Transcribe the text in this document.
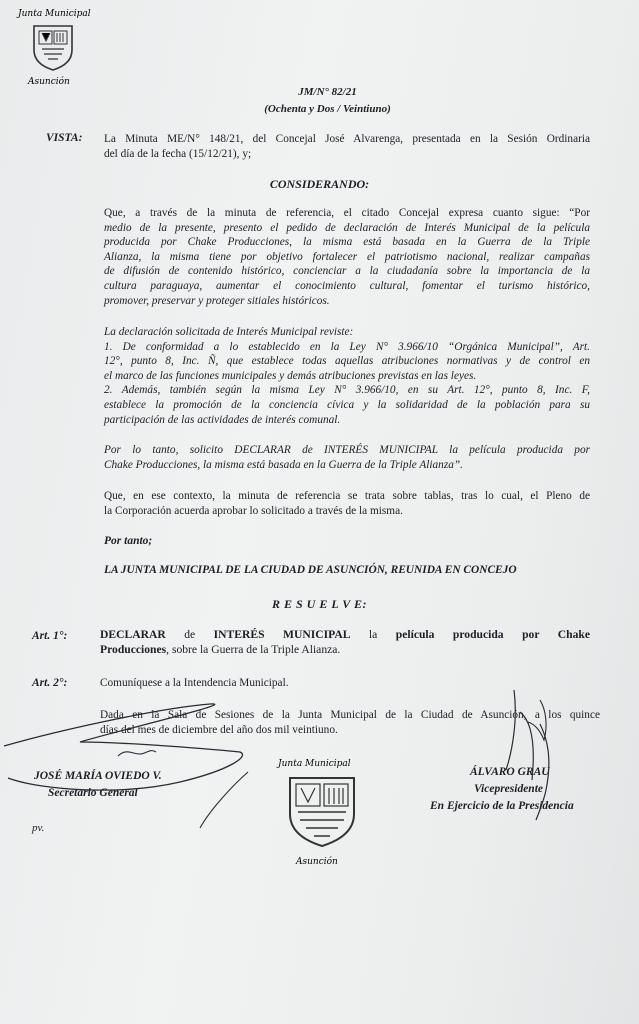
Junta Municipal
Asunción
JM/N° 82/21
(Ochenta y Dos / Veintiuno)
VISTA: La Minuta ME/N° 148/21, del Concejal José Alvarenga, presentada en la Sesión Ordinaria
del día de la fecha (15/12/21), y;
CONSIDERANDO:
Que, a través de la minuta de referencia, el citado Concejal expresa cuanto sigue: “Por
medio de la presente, presento el pedido de declaración de Interés Municipal de la película
producida por Chake Producciones, la misma está basada en la Guerra de la Triple
Alianza, la misma tiene por objetivo fortalecer el patriotismo nacional, realizar campañas
de difusión de contenido histórico, concienciar a la ciudadanía sobre la importancia de la
cultura paraguaya, aumentar el conocimiento cultural, fomentar el turismo histórico,
promover, preservar y proteger sitiales históricos.
La declaración solicitada de Interés Municipal reviste:
1. De conformidad a lo establecido en la Ley N° 3.966/10 “Orgánica Municipal”, Art.
12°, punto 8, Inc. Ñ, que establece todas aquellas atribuciones normativas y de control en
el marco de las funciones municipales y demás atribuciones previstas en las leyes.
2. Además, también según la misma Ley N° 3.966/10, en su Art. 12°, punto 8, Inc. F,
establece la promoción de la conciencia cívica y la solidaridad de la población para su
participación de las actividades de interés comunal.
Por lo tanto, solicito DECLARAR de INTERÉS MUNICIPAL la película producida por
Chake Producciones, la misma está basada en la Guerra de la Triple Alianza”.
Que, en ese contexto, la minuta de referencia se trata sobre tablas, tras lo cual, el Pleno de
la Corporación acuerda aprobar lo solicitado a través de la misma.
Por tanto;
LA JUNTA MUNICIPAL DE LA CIUDAD DE ASUNCIÓN, REUNIDA EN CONCEJO
R E S U E L V E:
Art. 1°:	DECLARAR de INTERÉS MUNICIPAL la película producida por Chake
Producciones, sobre la Guerra de la Triple Alianza.
Art. 2°:	Comuníquese a la Intendencia Municipal.
Dada en la Sala de Sesiones de la Junta Municipal de la Ciudad de Asunción, a los quince
días del mes de diciembre del año dos mil veintiuno.
Junta Municipal
Asunción
JOSÉ MARÍA OVIEDO V.
Secretario General
ÁLVARO GRAU
Vicepresidente
En Ejercicio de la Presidencia
pv.
